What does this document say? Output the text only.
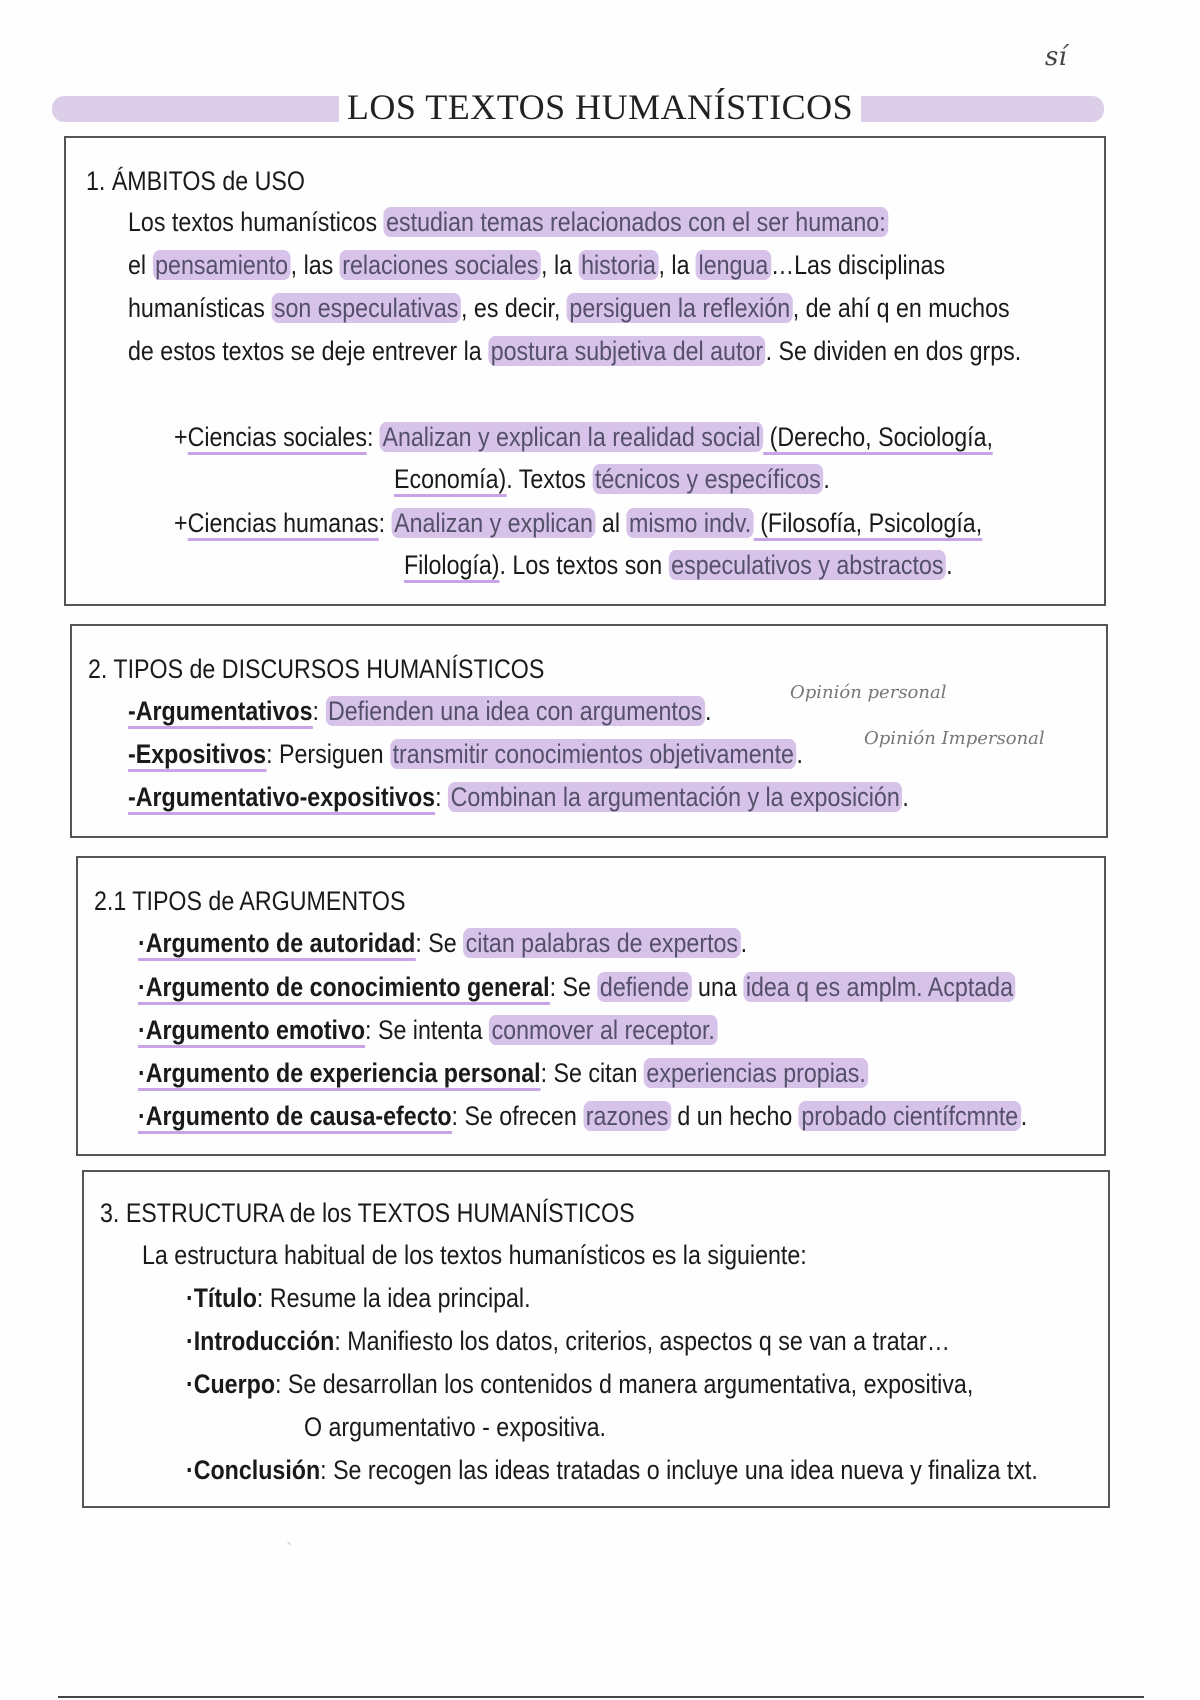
sí
LOS TEXTOS HUMANÍSTICOS
1. ÁMBITOS de USO
Los textos humanísticos estudian temas relacionados con el ser humano:
el pensamiento, las relaciones sociales, la historia, la lengua…Las disciplinas
humanísticas son especulativas, es decir, persiguen la reflexión, de ahí q en muchos
de estos textos se deje entrever la postura subjetiva del autor. Se dividen en dos grps.
+Ciencias sociales: Analizan y explican la realidad social (Derecho, Sociología,
Economía). Textos técnicos y específicos.
+Ciencias humanas: Analizan y explican al mismo indv. (Filosofía, Psicología,
Filología). Los textos son especulativos y abstractos.
2. TIPOS de DISCURSOS HUMANÍSTICOS
-Argumentativos: Defienden una idea con argumentos.
-Expositivos: Persiguen transmitir conocimientos objetivamente.
-Argumentativo-expositivos: Combinan la argumentación y la exposición.
Opinión personal
Opinión Impersonal
2.1 TIPOS de ARGUMENTOS
·Argumento de autoridad: Se citan palabras de expertos.
·Argumento de conocimiento general: Se defiende una idea q es amplm. Acptada
·Argumento emotivo: Se intenta conmover al receptor.
·Argumento de experiencia personal: Se citan experiencias propias.
·Argumento de causa-efecto: Se ofrecen razones d un hecho probado científcmnte.
3. ESTRUCTURA de los TEXTOS HUMANÍSTICOS
La estructura habitual de los textos humanísticos es la siguiente:
·Título: Resume la idea principal.
·Introducción: Manifiesto los datos, criterios, aspectos q se van a tratar…
·Cuerpo: Se desarrollan los contenidos d manera argumentativa, expositiva,
O argumentativo - expositiva.
·Conclusión: Se recogen las ideas tratadas o incluye una idea nueva y finaliza txt.
`
